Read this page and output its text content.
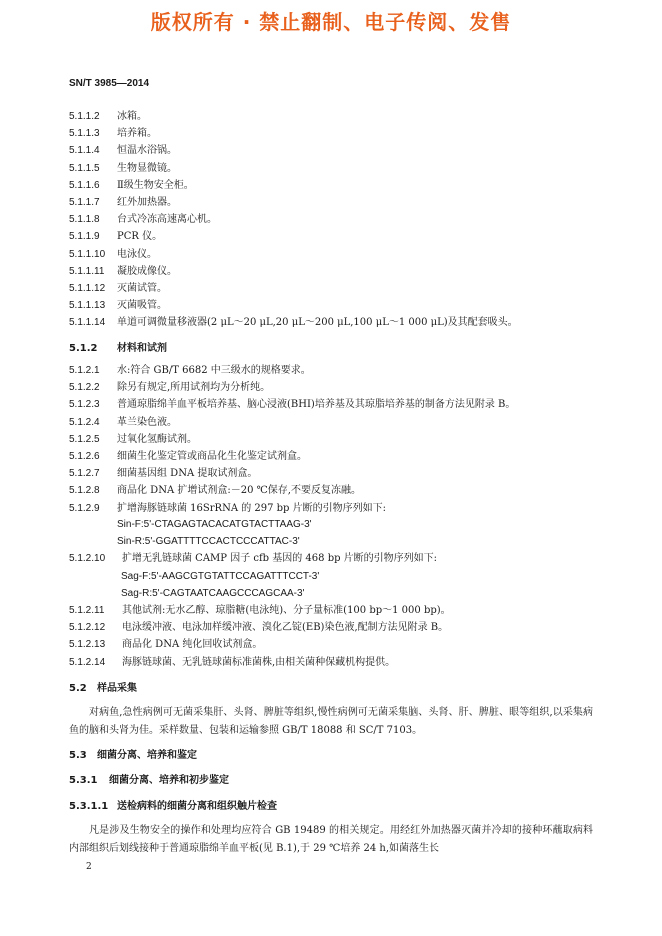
版权所有 · 禁止翻制、电子传阅、发售
SN/T 3985—2014
5.1.1.2 冰箱。
5.1.1.3 培养箱。
5.1.1.4 恒温水浴锅。
5.1.1.5 生物显微镜。
5.1.1.6 Ⅱ级生物安全柜。
5.1.1.7 红外加热器。
5.1.1.8 台式冷冻高速离心机。
5.1.1.9 PCR 仪。
5.1.1.10 电泳仪。
5.1.1.11 凝胶成像仪。
5.1.1.12 灭菌试管。
5.1.1.13 灭菌吸管。
5.1.1.14 单道可调微量移液器(2 μL～20 μL,20 μL～200 μL,100 μL～1 000 μL)及其配套吸头。
5.1.2 材料和试剂
5.1.2.1 水:符合 GB/T 6682 中三级水的规格要求。
5.1.2.2 除另有规定,所用试剂均为分析纯。
5.1.2.3 普通琼脂绵羊血平板培养基、脑心浸液(BHI)培养基及其琼脂培养基的制备方法见附录 B。
5.1.2.4 革兰染色液。
5.1.2.5 过氧化氢酶试剂。
5.1.2.6 细菌生化鉴定管或商品化生化鉴定试剂盒。
5.1.2.7 细菌基因组 DNA 提取试剂盒。
5.1.2.8 商品化 DNA 扩增试剂盒:－20 ℃保存,不要反复冻融。
5.1.2.9 扩增海豚链球菌 16SrRNA 的 297 bp 片断的引物序列如下:
Sin-F:5'-CTAGAGTACACATGTACTTAAG-3'
Sin-R:5'-GGATTTTCCACTCCCATTAC-3'
5.1.2.10 扩增无乳链球菌 CAMP 因子 cfb 基因的 468 bp 片断的引物序列如下:
Sag-F:5'-AAGCGTGTATTCCAGATTTCCT-3'
Sag-R:5'-CAGTAATCAAGCCCAGCAA-3'
5.1.2.11 其他试剂:无水乙醇、琼脂糖(电泳纯)、分子量标准(100 bp～1 000 bp)。
5.1.2.12 电泳缓冲液、电泳加样缓冲液、溴化乙锭(EB)染色液,配制方法见附录 B。
5.1.2.13 商品化 DNA 纯化回收试剂盒。
5.1.2.14 海豚链球菌、无乳链球菌标准菌株,由相关菌种保藏机构提供。
5.2 样品采集
对病鱼,急性病例可无菌采集肝、头肾、脾脏等组织,慢性病例可无菌采集脑、头肾、肝、脾脏、眼等组织,以采集病鱼的脑和头肾为佳。采样数量、包装和运输参照 GB/T 18088 和 SC/T 7103。
5.3 细菌分离、培养和鉴定
5.3.1 细菌分离、培养和初步鉴定
5.3.1.1 送检病料的细菌分离和组织触片检查
凡是涉及生物安全的操作和处理均应符合 GB 19489 的相关规定。用经红外加热器灭菌并冷却的接种环蘸取病料内部组织后划线接种于普通琼脂绵羊血平板(见 B.1),于 29 ℃培养 24 h,如菌落生长
2
